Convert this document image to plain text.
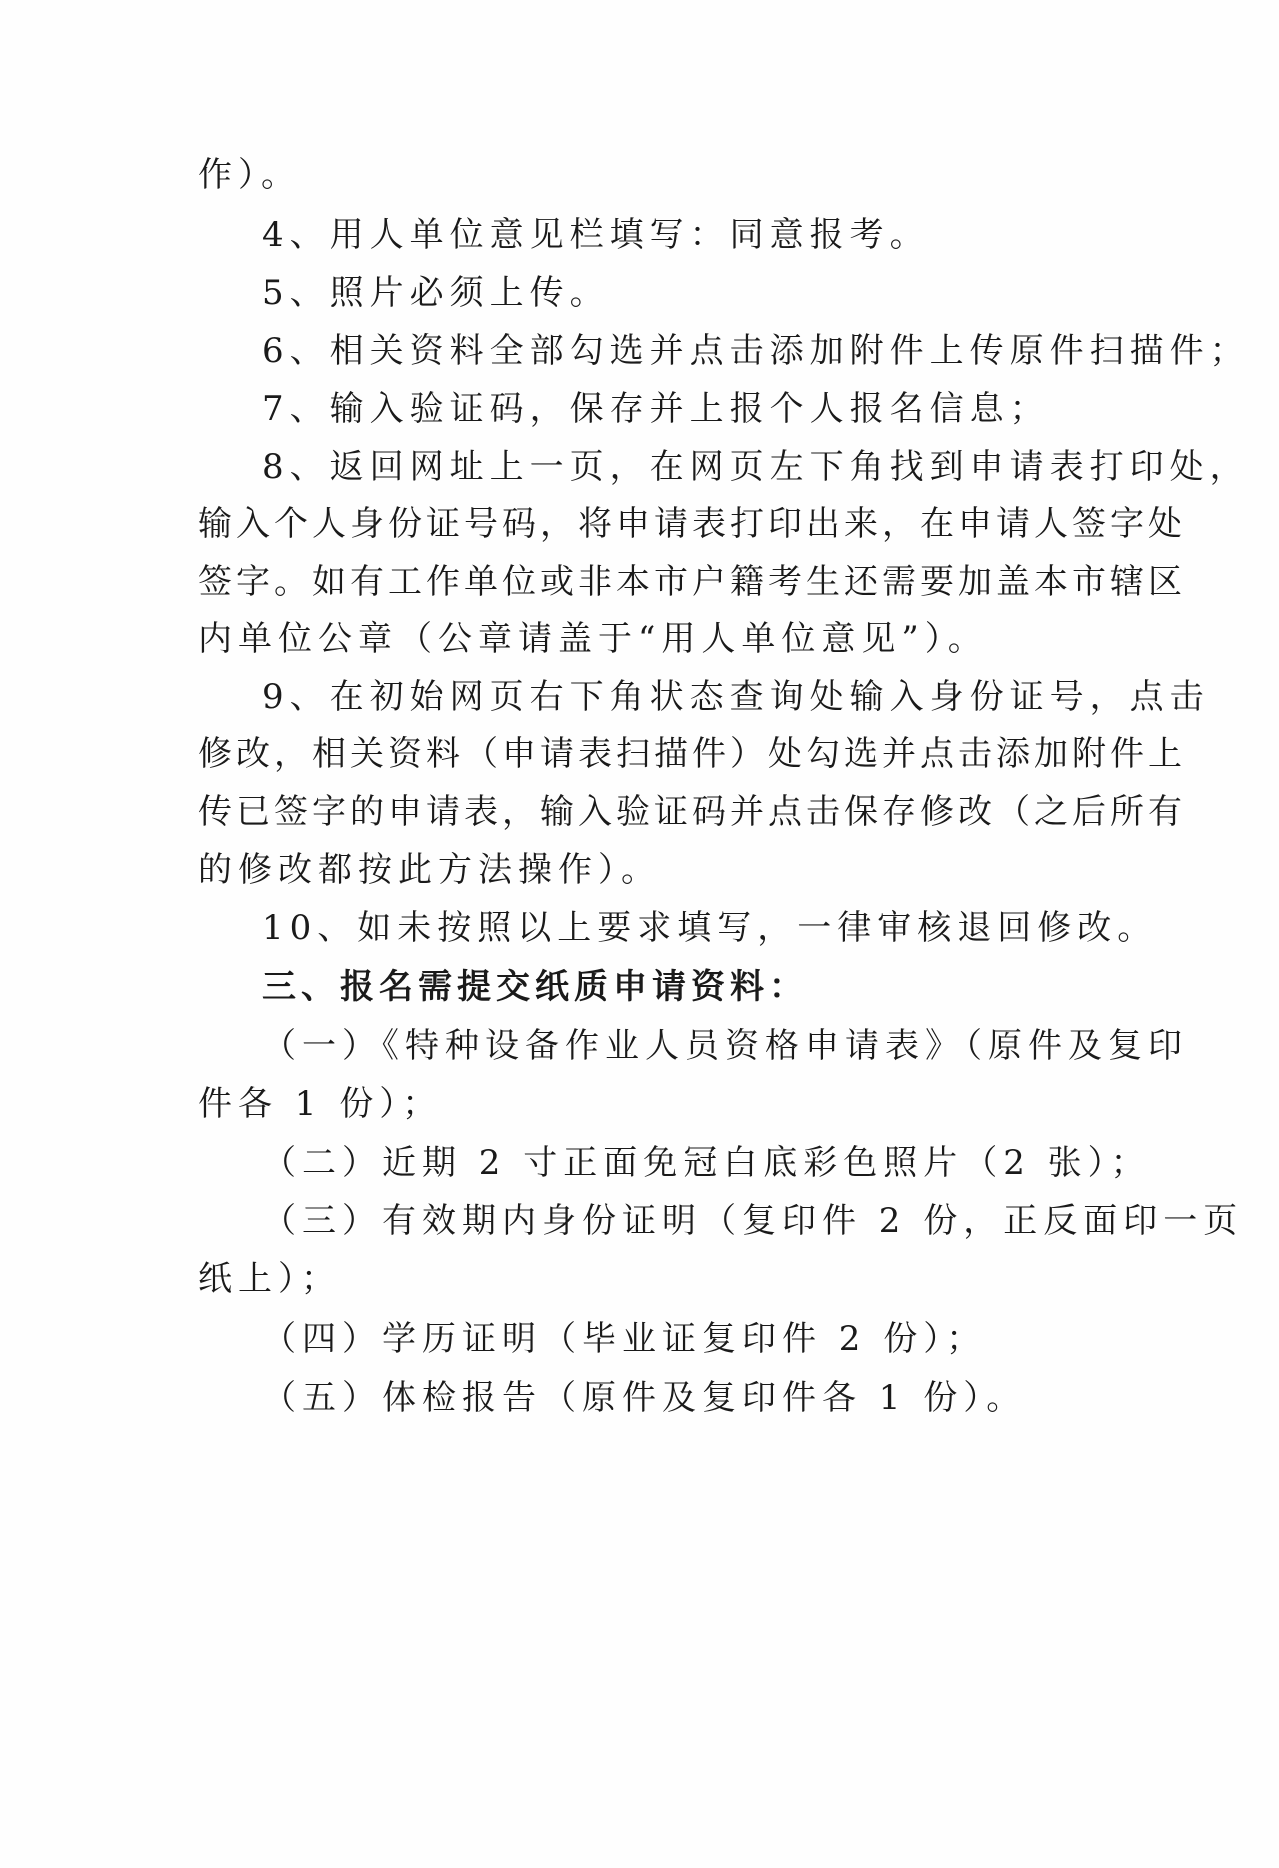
作）。
4、用人单位意见栏填写：同意报考。
5、照片必须上传。
6、相关资料全部勾选并点击添加附件上传原件扫描件；
7、输入验证码，保存并上报个人报名信息；
8、返回网址上一页，在网页左下角找到申请表打印处，
输入个人身份证号码，将申请表打印出来，在申请人签字处
签字。如有工作单位或非本市户籍考生还需要加盖本市辖区
内单位公章（公章请盖于“用人单位意见”）。
9、在初始网页右下角状态查询处输入身份证号，点击
修改，相关资料（申请表扫描件）处勾选并点击添加附件上
传已签字的申请表，输入验证码并点击保存修改（之后所有
的修改都按此方法操作）。
10、如未按照以上要求填写，一律审核退回修改。
三、报名需提交纸质申请资料：
（一）《特种设备作业人员资格申请表》（原件及复印
件各 1 份）；
（二）近期 2 寸正面免冠白底彩色照片（2 张）；
（三）有效期内身份证明（复印件 2 份，正反面印一页
纸上）；
（四）学历证明（毕业证复印件 2 份）；
（五）体检报告（原件及复印件各 1 份）。
